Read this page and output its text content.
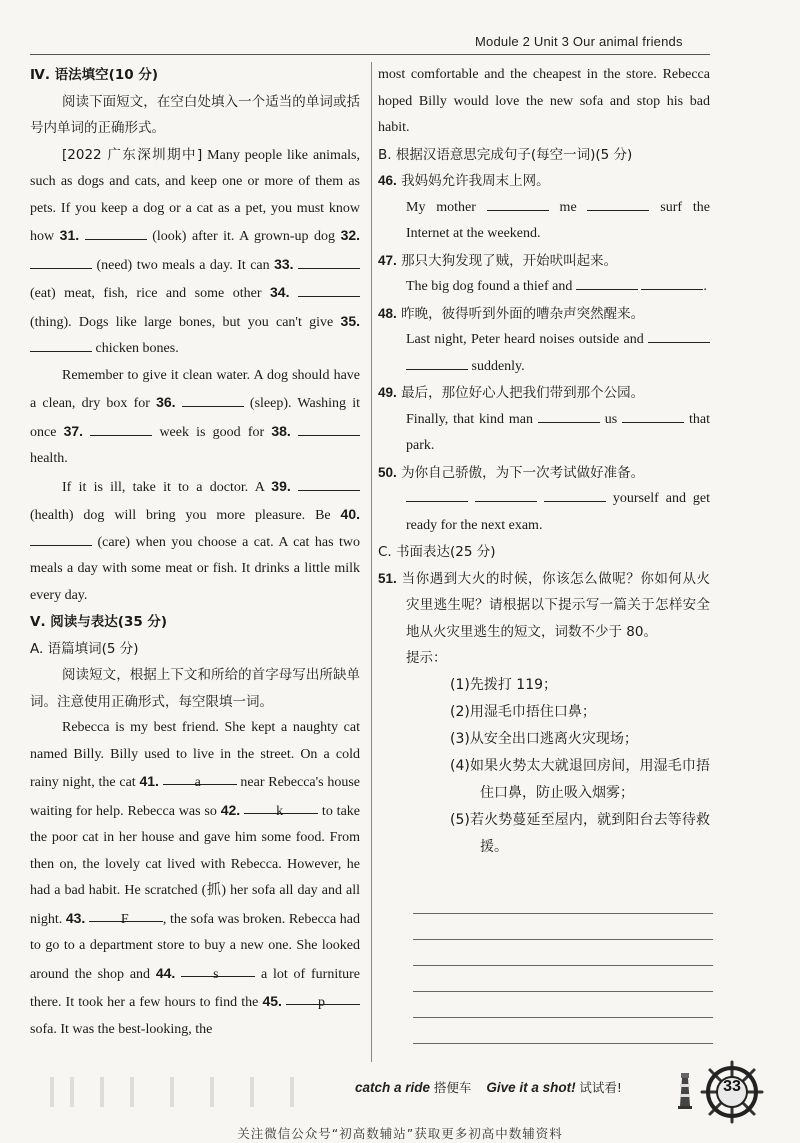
Module 2 Unit 3 Our animal friends

Ⅳ. 语法填空(10 分)

阅读下面短文，在空白处填入一个适当的单词或括号内单词的正确形式。

[2022 广东深圳期中] Many people like animals, such as dogs and cats, and keep one or more of them as pets. If you keep a dog or a cat as a pet, you must know how 31.	(look) after it. A grown-up dog 32.  (need) two meals a day. It can 33.  (eat) meat, fish, rice and some other 34.  (thing). Dogs like large bones, but you can't give 35.  chicken bones.

Remember to give it clean water. A dog should have a clean, dry box for 36.	(sleep). Washing it once 37.	week is good for 38.  health.

If it is ill, take it to a doctor. A 39.  (health) dog will bring you more pleasure. Be 40.  (care) when you choose a cat. A cat has two meals a day with some meat or fish. It drinks a little milk every day.

Ⅴ. 阅读与表达(35 分)

A. 语篇填词(5 分)

阅读短文，根据上下文和所给的首字母写出所缺单词。注意使用正确形式，每空限填一词。

Rebecca is my best friend. She kept a naughty cat named Billy. Billy used to live in the street. On a cold rainy night, the cat 41.	a	near Rebecca's house waiting for help. Rebecca was so 42.	k	to take the poor cat in her house and gave him some food. From then on, the lovely cat lived with Rebecca. However, he had a bad habit. He scratched (抓) her sofa all day and all night. 43.	F , the sofa was broken. Rebecca had to go to a department store to buy a new one. She looked around the shop and 44.	s	a lot of furniture there. It took her a few hours to find the 45.	p sofa. It was the best-looking, the

most comfortable and the cheapest in the store. Rebecca hoped Billy would love the new sofa and stop his bad habit.

B. 根据汉语意思完成句子(每空一词)(5 分)

46. 我妈妈允许我周末上网。

My mother	me	surf the Internet at the weekend.

47. 那只大狗发现了贼，开始吠叫起来。

The big dog found a thief and	.

48. 昨晚，彼得听到外面的嘈杂声突然醒来。

Last night, Peter heard noises outside and   suddenly.

49. 最后，那位好心人把我们带到那个公园。

Finally, that kind man	us	that park.

50. 为你自己骄傲，为下一次考试做好准备。

yourself and get ready for the next exam.

C. 书面表达(25 分)

51. 当你遇到大火的时候，你该怎么做呢？你如何从火灾里逃生呢？请根据以下提示写一篇关于怎样安全地从火灾里逃生的短文，词数不少于 80。

提示：

(1)先拨打 119；

(2)用湿毛巾捂住口鼻；

(3)从安全出口逃离火灾现场；

(4)如果火势太大就退回房间，用湿毛巾捂住口鼻，防止吸入烟雾；

(5)若火势蔓延至屋内，就到阳台去等待救援。

catch a ride 搭便车 Give it a shot! 试试看!	33
关注微信公众号“初高数辅站”获取更多初高中数辅资料
